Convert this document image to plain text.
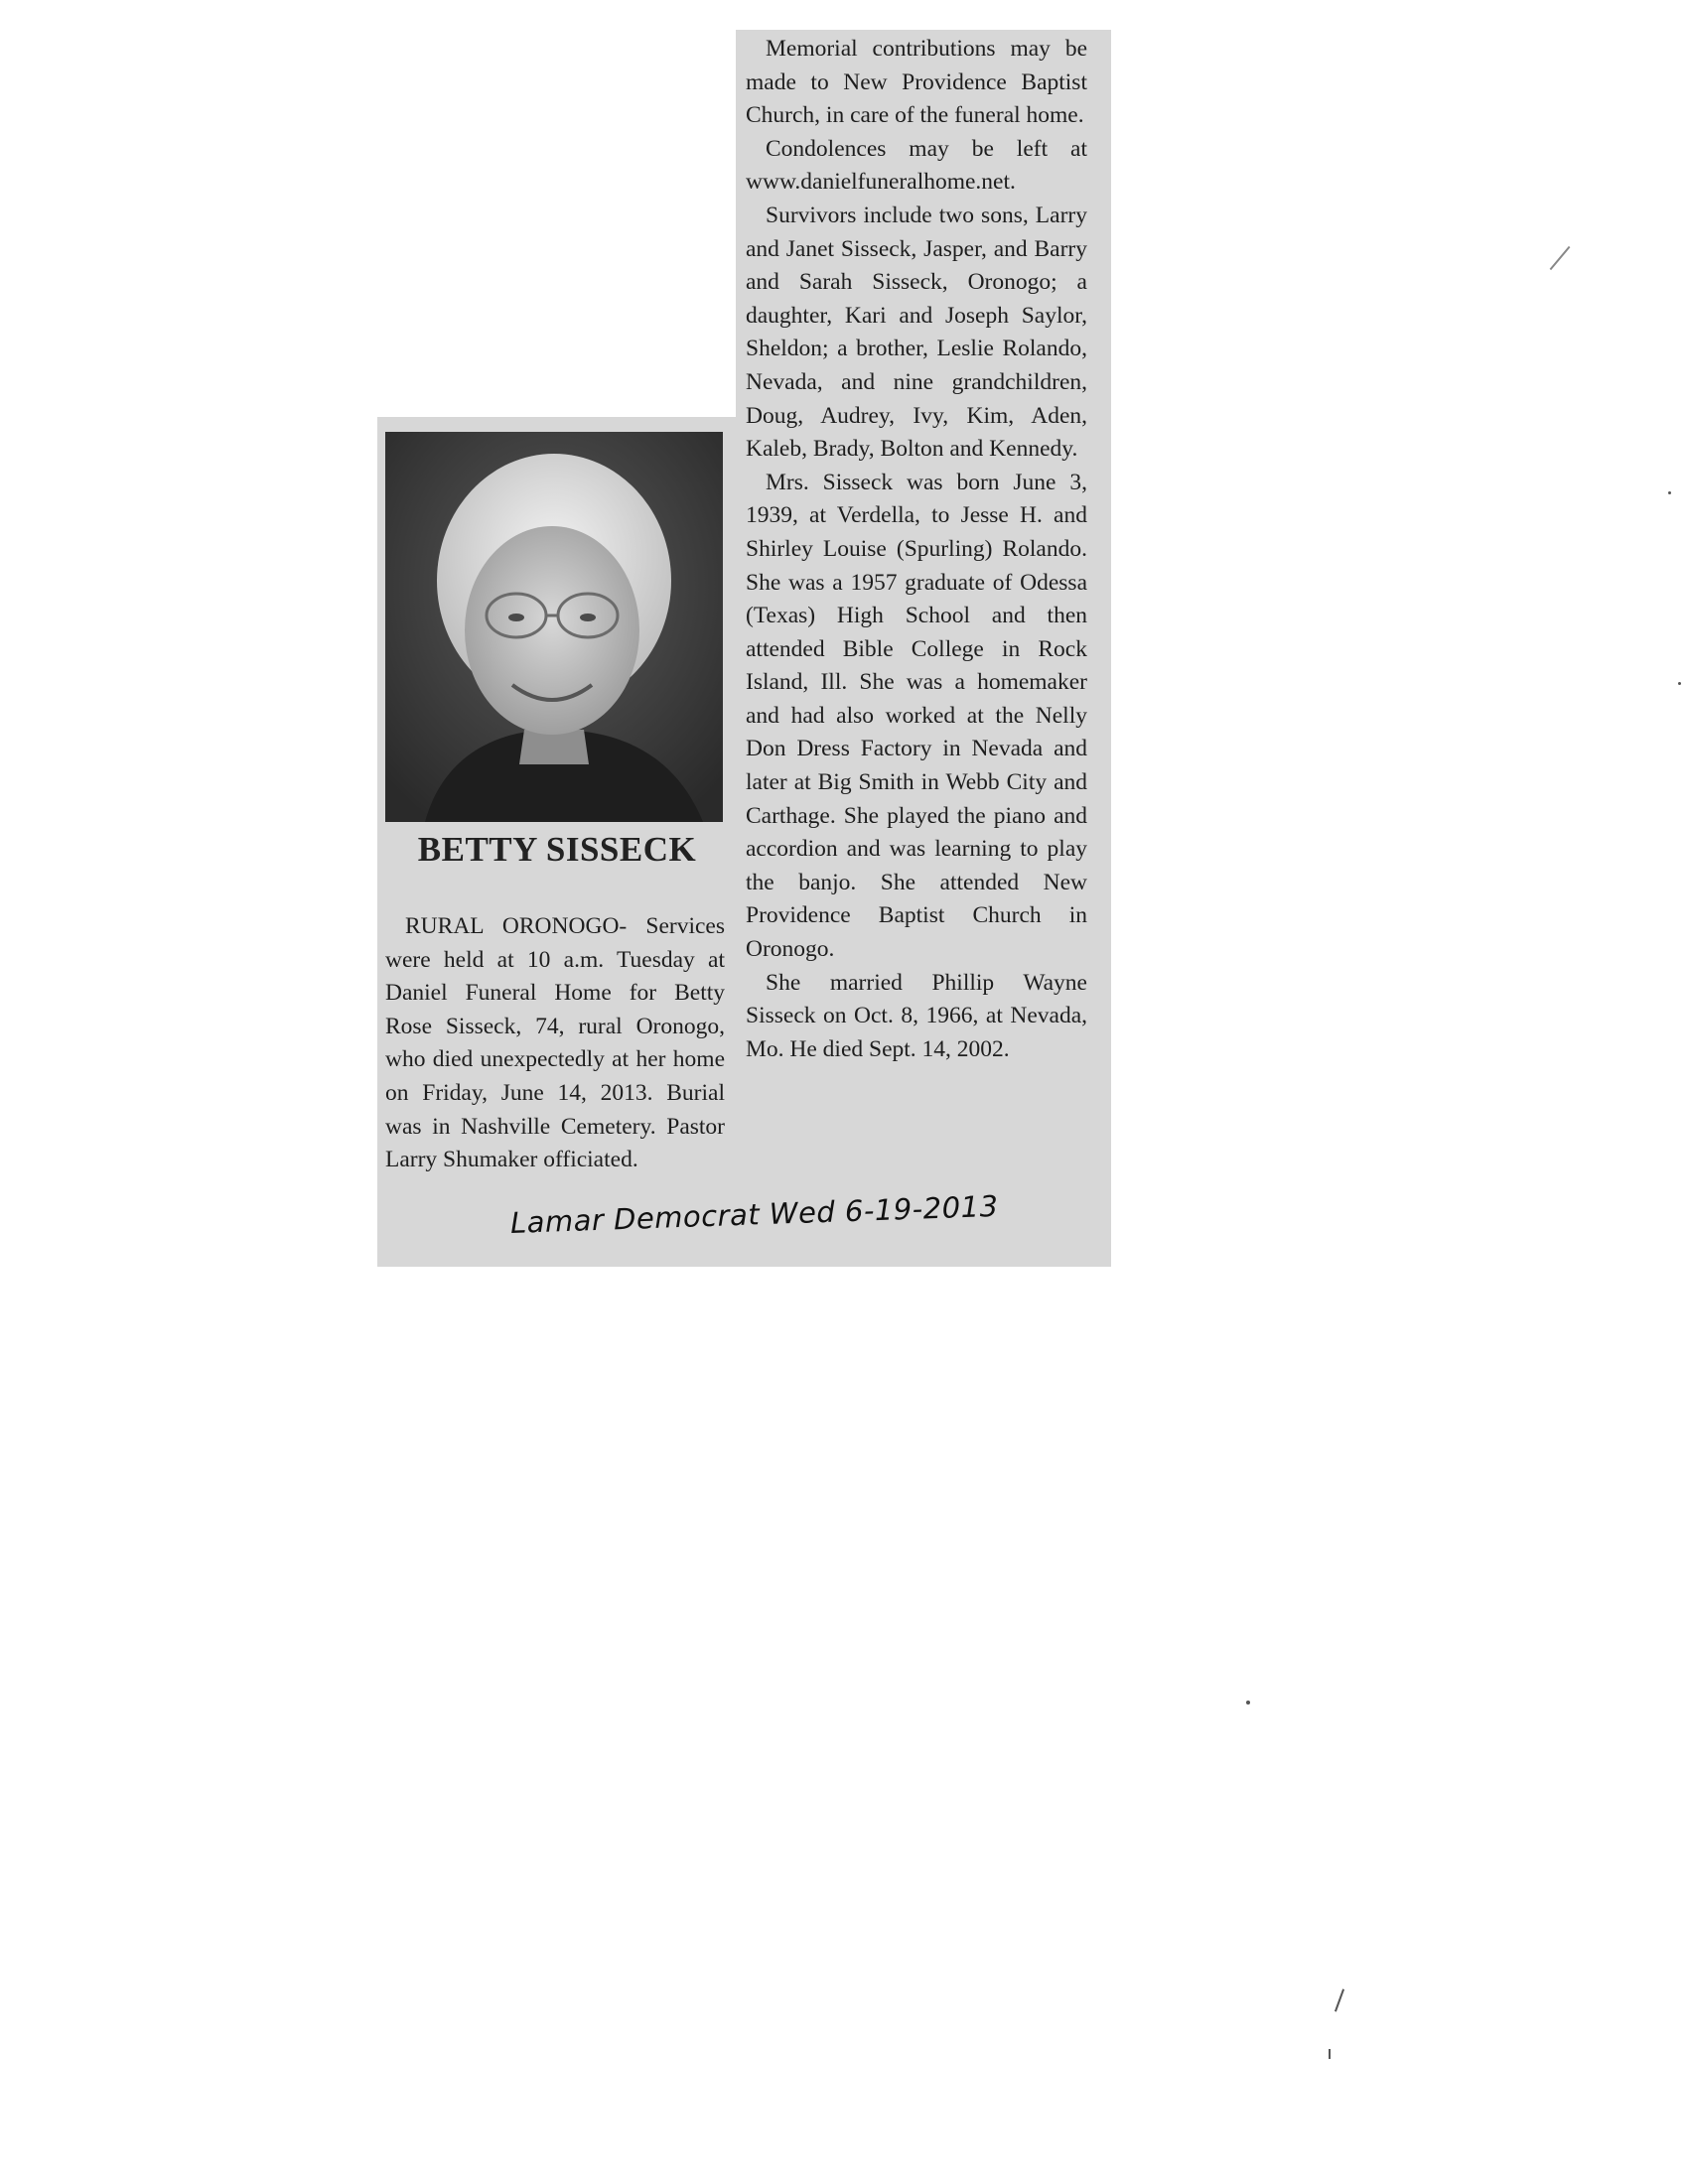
BETTY SISSECK

RURAL ORONOGO- Services were held at 10 a.m. Tuesday at Daniel Funeral Home for Betty Rose Sisseck, 74, rural Oronogo, who died unexpectedly at her home on Friday, June 14, 2013. Burial was in Nashville Cemetery. Pastor Larry Shumaker officiated.

Memorial contributions may be made to New Providence Baptist Church, in care of the funeral home.

Condolences may be left at www.danielfuneralhome.net.

Survivors include two sons, Larry and Janet Sisseck, Jasper, and Barry and Sarah Sisseck, Oronogo; a daughter, Kari and Joseph Saylor, Sheldon; a brother, Leslie Rolando, Nevada, and nine grandchildren, Doug, Audrey, Ivy, Kim, Aden, Kaleb, Brady, Bolton and Kennedy.

Mrs. Sisseck was born June 3, 1939, at Verdella, to Jesse H. and Shirley Louise (Spurling) Rolando. She was a 1957 graduate of Odessa (Texas) High School and then attended Bible College in Rock Island, Ill. She was a homemaker and had also worked at the Nelly Don Dress Factory in Nevada and later at Big Smith in Webb City and Carthage. She played the piano and accordion and was learning to play the banjo. She attended New Providence Baptist Church in Oronogo.

She married Phillip Wayne Sisseck on Oct. 8, 1966, at Nevada, Mo. He died Sept. 14, 2002.

Lamar Democrat Wed 6-19-2013
